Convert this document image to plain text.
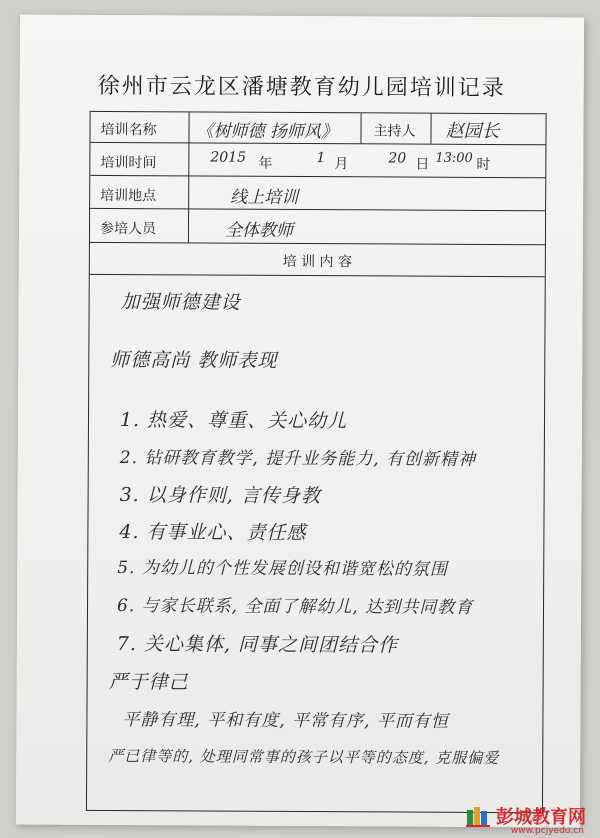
徐州市云龙区潘塘教育幼儿园培训记录
培训名称 《树师德 扬师风》	主持人 赵园长
培训时间	2015 年	1 月	20 日 13:00 时
培训地点	线上培训
参培人员	全体教师
培 训 内 容
加强师德建设
师德高尚 教师表现
1. 热爱、尊重、关心幼儿
2. 钻研教育教学, 提升业务能力, 有创新精神
3. 以身作则, 言传身教
4. 有事业心、责任感
5. 为幼儿的个性发展创设和谐宽松的氛围
6. 与家长联系, 全面了解幼儿, 达到共同教育
7. 关心集体, 同事之间团结合作
严于律己
平静有理, 平和有度, 平常有序, 平而有恒
严已律等的, 处理同常事的孩子以平等的态度, 克服偏爱
彭城教育网
www.pcjyedu.cn
